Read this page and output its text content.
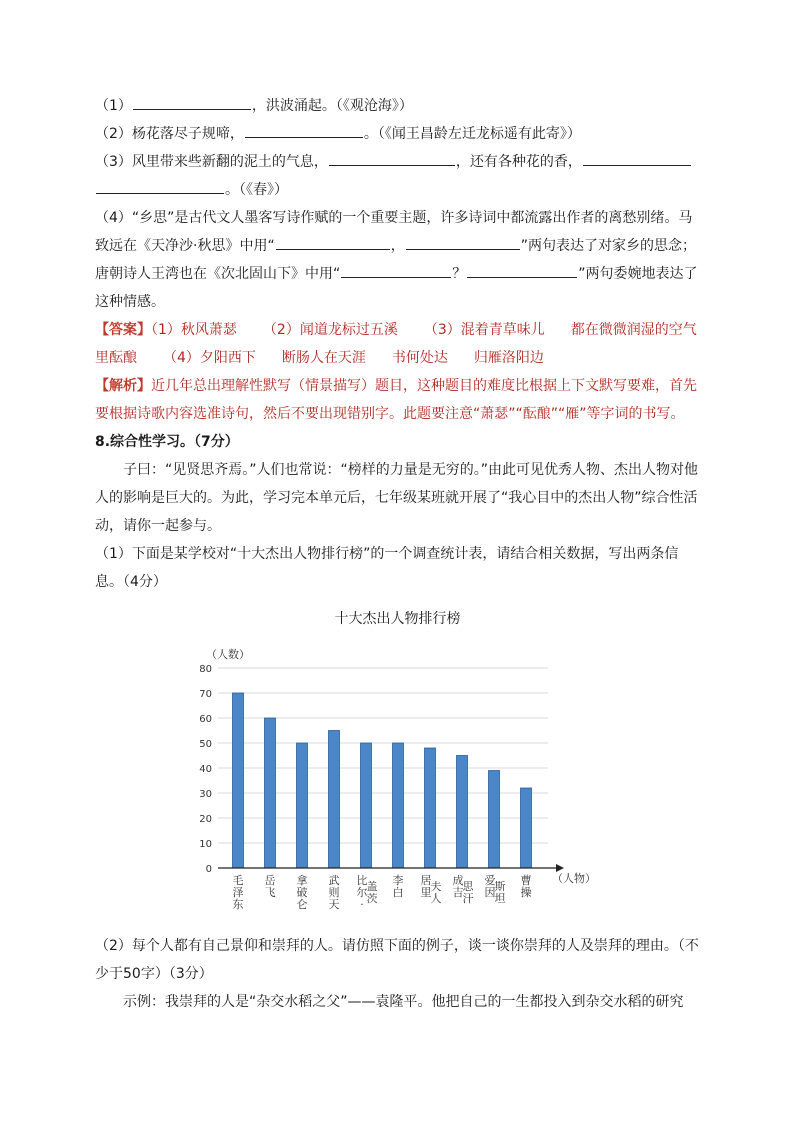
（1）	，洪波涌起。（《观沧海》）
（2）杨花落尽子规啼，	。（《闻王昌龄左迁龙标遥有此寄》）
（3）风里带来些新翻的泥土的气息，	，还有各种花的香，
。（《春》）
（4）“乡思”是古代文人墨客写诗作赋的一个重要主题，许多诗词中都流露出作者的离愁别绪。马致远在《天净沙·秋思》中用“	，	”两句表达了对家乡的思念；唐朝诗人王湾也在《次北固山下》中用“	？	”两句委婉地表达了这种情感。
【答案】（1）秋风萧瑟 （2）闻道龙标过五溪 （3）混着青草味儿 都在微微润湿的空气里酝酿 （4）夕阳西下 断肠人在天涯 书何处达 归雁洛阳边
【解析】近几年总出理解性默写（情景描写）题目，这种题目的难度比根据上下文默写要难，首先要根据诗歌内容选准诗句，然后不要出现错别字。此题要注意“萧瑟”“酝酿”“雁”等字词的书写。
8.综合性学习。（7分）
子曰：“见贤思齐焉。”人们也常说：“榜样的力量是无穷的。”由此可见优秀人物、杰出人物对他人的影响是巨大的。为此，学习完本单元后，七年级某班就开展了“我心目中的杰出人物”综合性活动，请你一起参与。
（1）下面是某学校对“十大杰出人物排行榜”的一个调查统计表，请结合相关数据，写出两条信息。（4分）
十大杰出人物排行榜
0
10
20
30
40
50
60
70
80
（人数）
毛泽东
岳飞
拿破仑
武则天
比尔·
盖茨
李白
居里 夫人
成吉 思汗
爱因 斯坦
曹操
（人物）
（2）每个人都有自己景仰和崇拜的人。请仿照下面的例子，谈一谈你崇拜的人及崇拜的理由。（不少于50字）（3分）
示例：我崇拜的人是“杂交水稻之父”——袁隆平。他把自己的一生都投入到杂交水稻的研究
